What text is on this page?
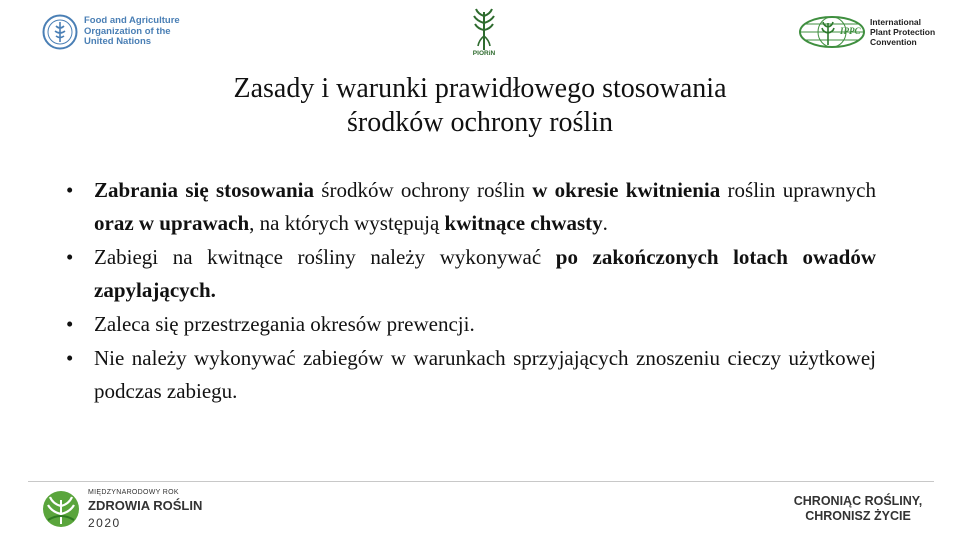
Food and Agriculture
Organization of the
United Nations
PIORiN
IPPC
International
Plant Protection
Convention
Zasady i warunki prawidłowego stosowania
środków ochrony roślin
• Zabrania się stosowania środków ochrony roślin w okresie kwitnienia roślin uprawnych oraz w uprawach, na których występują kwitnące chwasty.
• Zabiegi na kwitnące rośliny należy wykonywać po zakończonych lotach owadów zapylających.
• Zaleca się przestrzegania okresów prewencji.
• Nie należy wykonywać zabiegów w warunkach sprzyjających znoszeniu cieczy użytkowej podczas zabiegu.
MIĘDZYNARODOWY ROK
ZDROWIA ROŚLIN
2020
CHRONIĄC ROŚLINY,
CHRONISZ ŻYCIE
